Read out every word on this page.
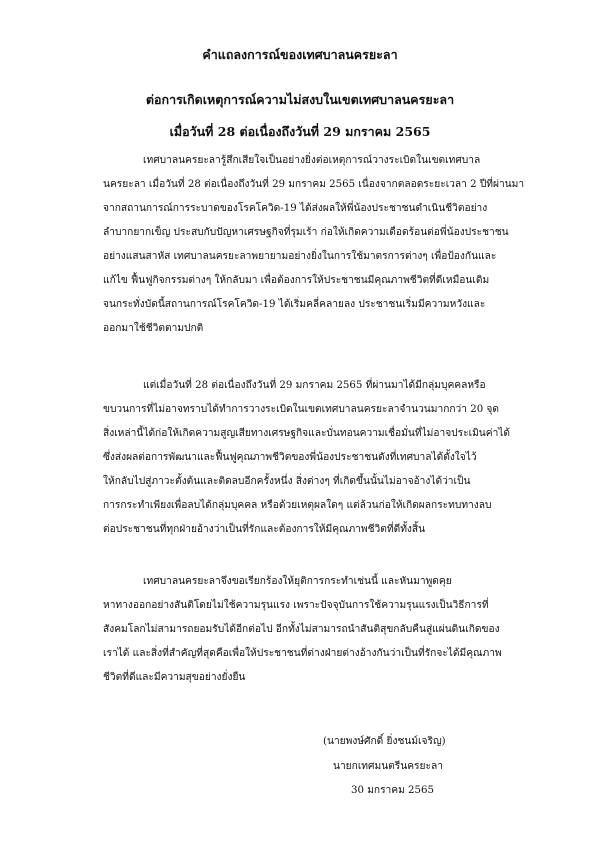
คำแถลงการณ์ของเทศบาลนครยะลา
ต่อการเกิดเหตุการณ์ความไม่สงบในเขตเทศบาลนครยะลา
เมื่อวันที่ 28 ต่อเนื่องถึงวันที่ 29 มกราคม 2565
เทศบาลนครยะลารู้สึกเสียใจเป็นอย่างยิ่งต่อเหตุการณ์วางระเบิดในเขตเทศบาล
นครยะลา เมื่อวันที่ 28 ต่อเนื่องถึงวันที่ 29 มกราคม 2565 เนื่องจากตลอดระยะเวลา 2 ปีที่ผ่านมา
จากสถานการณ์การระบาดของโรคโควิด-19 ได้ส่งผลให้พี่น้องประชาชนดำเนินชีวิตอย่าง
ลำบากยากเข็ญ ประสบกับปัญหาเศรษฐกิจที่รุมเร้า ก่อให้เกิดความเดือดร้อนต่อพี่น้องประชาชน
อย่างแสนสาหัส เทศบาลนครยะลาพยายามอย่างยิ่งในการใช้มาตรการต่างๆ เพื่อป้องกันและ
แก้ไข ฟื้นฟูกิจกรรมต่างๆ ให้กลับมา เพื่อต้องการให้ประชาชนมีคุณภาพชีวิตที่ดีเหมือนเดิม
จนกระทั่งบัดนี้สถานการณ์โรคโควิด-19 ได้เริ่มคลี่คลายลง ประชาชนเริ่มมีความหวังและ
ออกมาใช้ชีวิตตามปกติ
แต่เมื่อวันที่ 28 ต่อเนื่องถึงวันที่ 29 มกราคม 2565 ที่ผ่านมาได้มีกลุ่มบุคคลหรือ
ขบวนการที่ไม่อาจทราบได้ทำการวางระเบิดในเขตเทศบาลนครยะลาจำนวนมากกว่า 20 จุด
สิ่งเหล่านี้ได้ก่อให้เกิดความสูญเสียทางเศรษฐกิจและบั่นทอนความเชื่อมั่นที่ไม่อาจประเมินค่าได้
ซึ่งส่งผลต่อการพัฒนาและฟื้นฟูคุณภาพชีวิตของพี่น้องประชาชนดังที่เทศบาลได้ตั้งใจไว้
ให้กลับไปสู่ภาวะตั้งต้นและติดลบอีกครั้งหนึ่ง สิ่งต่างๆ ที่เกิดขึ้นนั้นไม่อาจอ้างได้ว่าเป็น
การกระทำเพียงเพื่อลบได้กลุ่มบุคคล หรือด้วยเหตุผลใดๆ แต่ล้วนก่อให้เกิดผลกระทบทางลบ
ต่อประชาชนที่ทุกฝ่ายอ้างว่าเป็นที่รักและต้องการให้มีคุณภาพชีวิตที่ดีทั้งสิ้น
เทศบาลนครยะลาจึงขอเรียกร้องให้ยุติการกระทำเช่นนี้ และหันมาพูดคุย
หาทางออกอย่างสันติโดยไม่ใช้ความรุนแรง เพราะปัจจุบันการใช้ความรุนแรงเป็นวิธีการที่
สังคมโลกไม่สามารถยอมรับได้อีกต่อไป อีกทั้งไม่สามารถนำสันติสุขกลับคืนสู่แผ่นดินเกิดของ
เราได้ และสิ่งที่สำคัญที่สุดคือเพื่อให้ประชาชนที่ต่างฝ่ายต่างอ้างกันว่าเป็นที่รักจะได้มีคุณภาพ
ชีวิตที่ดีและมีความสุขอย่างยั่งยืน
(นายพงษ์ศักดิ์ ยิ่งชนม์เจริญ)
นายกเทศมนตรีนครยะลา
30 มกราคม 2565
